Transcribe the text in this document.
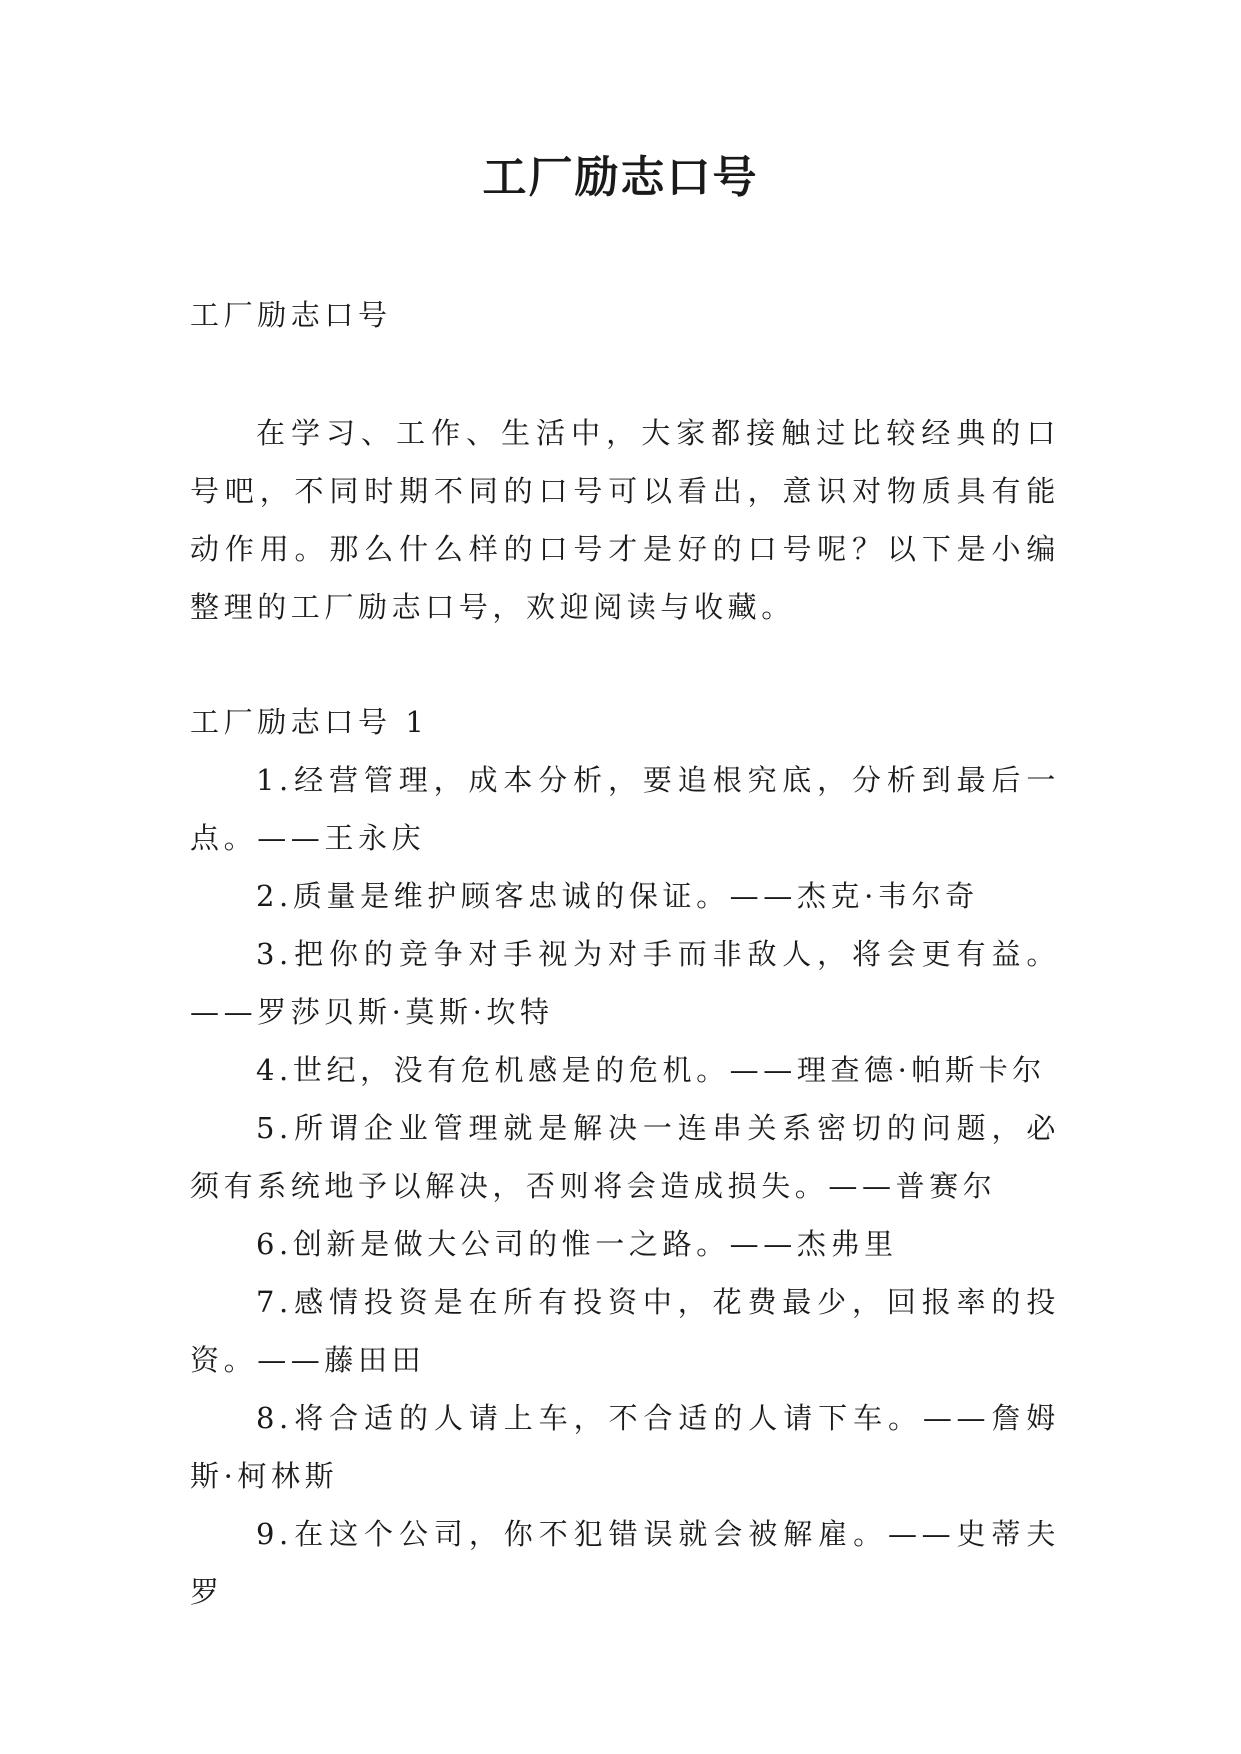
工厂励志口号

工厂励志口号

在学习、工作、生活中，大家都接触过比较经典的口号吧，不同时期不同的口号可以看出，意识对物质具有能动作用。那么什么样的口号才是好的口号呢？以下是小编整理的工厂励志口号，欢迎阅读与收藏。

工厂励志口号 1

1.经营管理，成本分析，要追根究底，分析到最后一点。——王永庆
2.质量是维护顾客忠诚的保证。——杰克·韦尔奇
3.把你的竞争对手视为对手而非敌人，将会更有益。——罗莎贝斯·莫斯·坎特
4.世纪，没有危机感是的危机。——理查德·帕斯卡尔
5.所谓企业管理就是解决一连串关系密切的问题，必须有系统地予以解决，否则将会造成损失。——普赛尔
6.创新是做大公司的惟一之路。——杰弗里
7.感情投资是在所有投资中，花费最少，回报率的投资。——藤田田
8.将合适的人请上车，不合适的人请下车。——詹姆斯·柯林斯
9.在这个公司，你不犯错误就会被解雇。——史蒂夫罗
